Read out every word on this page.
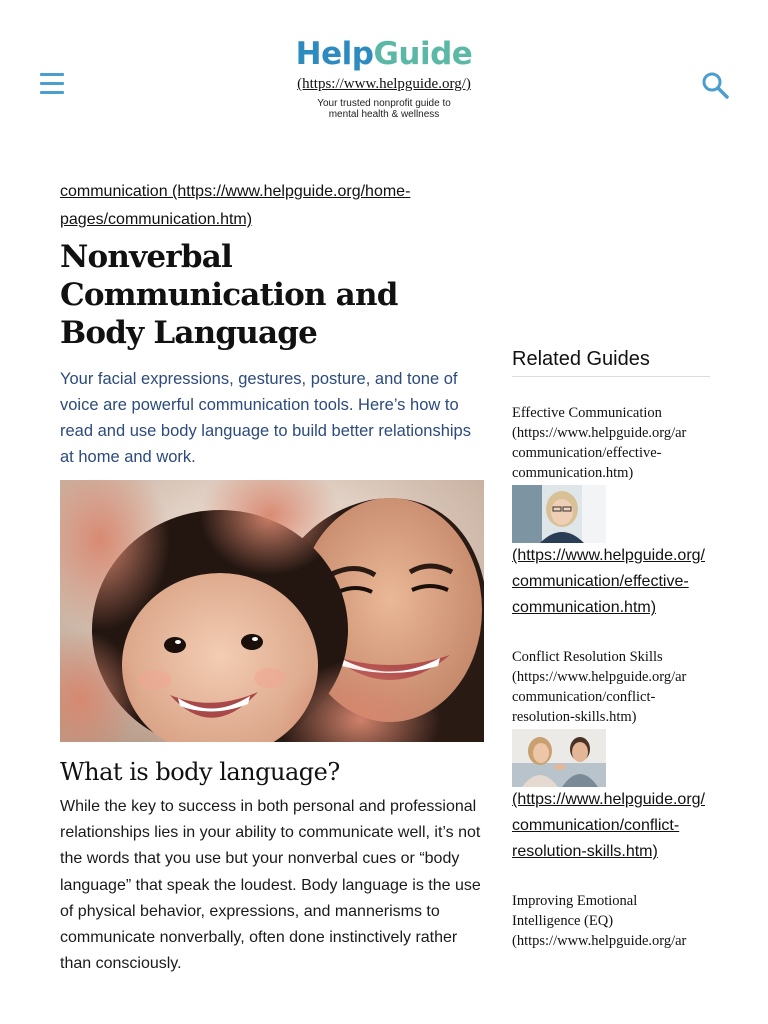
HelpGuide
(https://www.helpguide.org/)
Your trusted nonprofit guide to mental health & wellness
communication (https://www.helpguide.org/home-pages/communication.htm)
Nonverbal Communication and Body Language

Your facial expressions, gestures, posture, and tone of voice are powerful communication tools. Here’s how to read and use body language to build better relationships at home and work.

What is body language?

While the key to success in both personal and professional relationships lies in your ability to communicate well, it’s not the words that you use but your nonverbal cues or “body language” that speak the loudest. Body language is the use of physical behavior, expressions, and mannerisms to communicate nonverbally, often done instinctively rather than consciously.

Related Guides
Effective Communication
(https://www.helpguide.org/ar
communication/effective-
communication.htm)
(https://www.helpguide.org/
communication/effective-
communication.htm)
Conflict Resolution Skills
(https://www.helpguide.org/ar
communication/conflict-
resolution-skills.htm)
(https://www.helpguide.org/
communication/conflict-
resolution-skills.htm)
Improving Emotional
Intelligence (EQ)
(https://www.helpguide.org/ar
